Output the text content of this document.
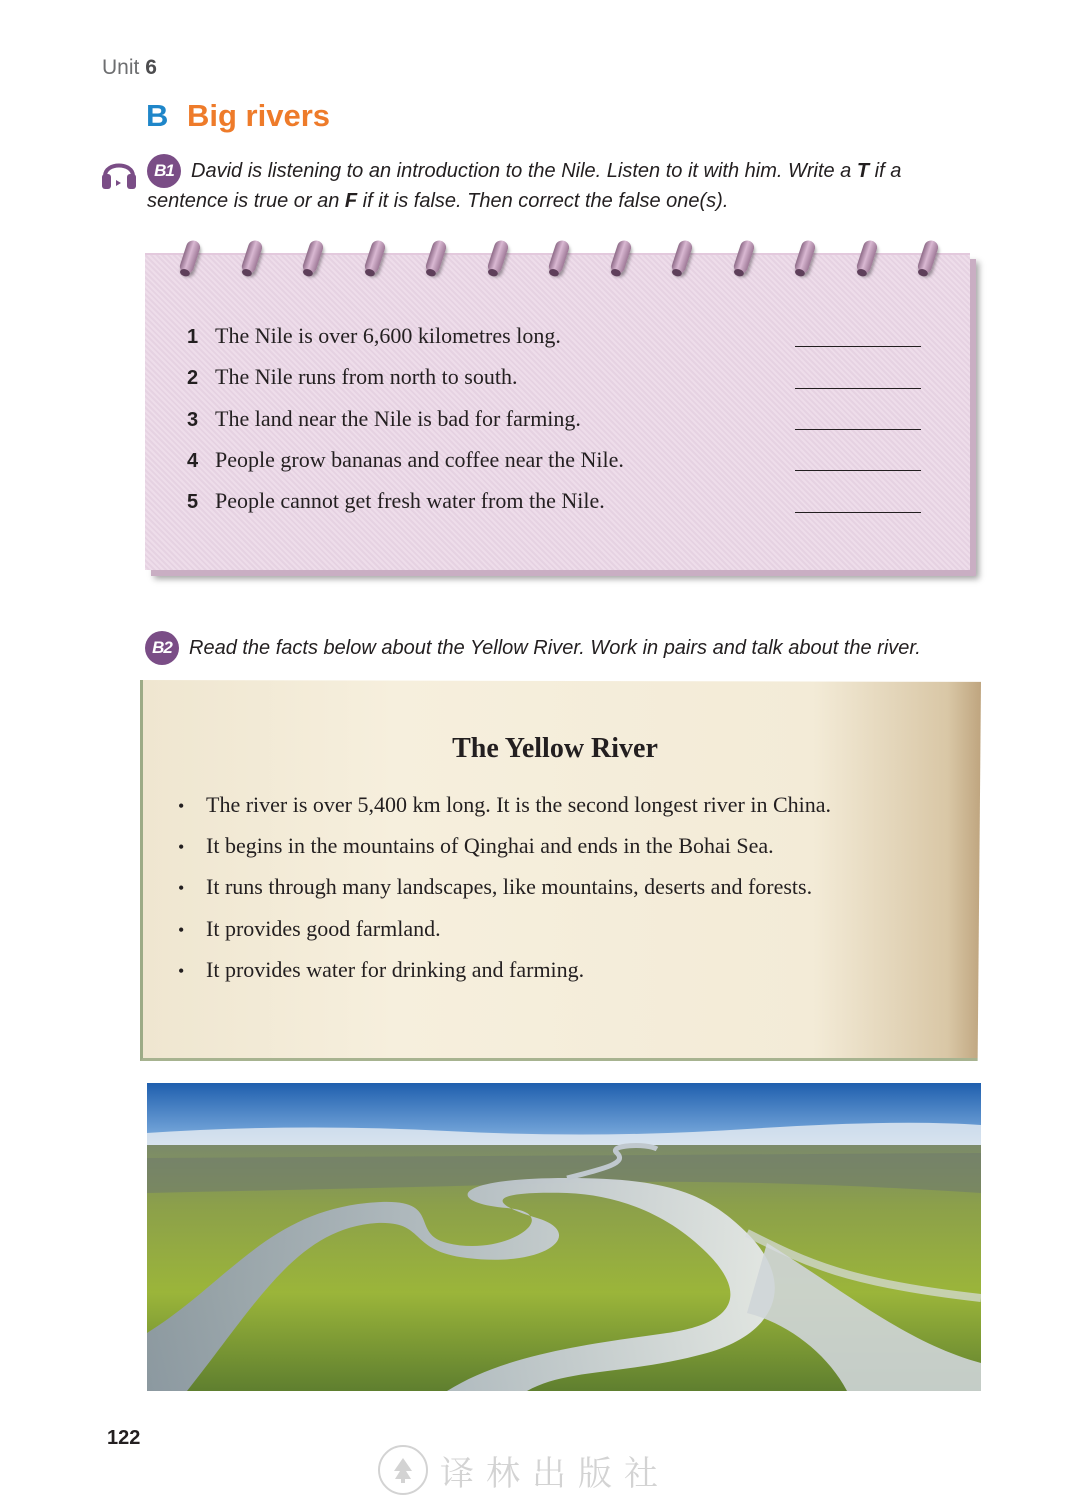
Unit 6
B Big rivers
B1 David is listening to an introduction to the Nile. Listen to it with him. Write a T if a
sentence is true or an F if it is false. Then correct the false one(s).
1 The Nile is over 6,600 kilometres long.
2 The Nile runs from north to south.
3 The land near the Nile is bad for farming.
4 People grow bananas and coffee near the Nile.
5 People cannot get fresh water from the Nile.
B2 Read the facts below about the Yellow River. Work in pairs and talk about the river.
The Yellow River
• The river is over 5,400 km long. It is the second longest river in China.
• It begins in the mountains of Qinghai and ends in the Bohai Sea.
• It runs through many landscapes, like mountains, deserts and forests.
• It provides good farmland.
• It provides water for drinking and farming.
122
译林出版社
